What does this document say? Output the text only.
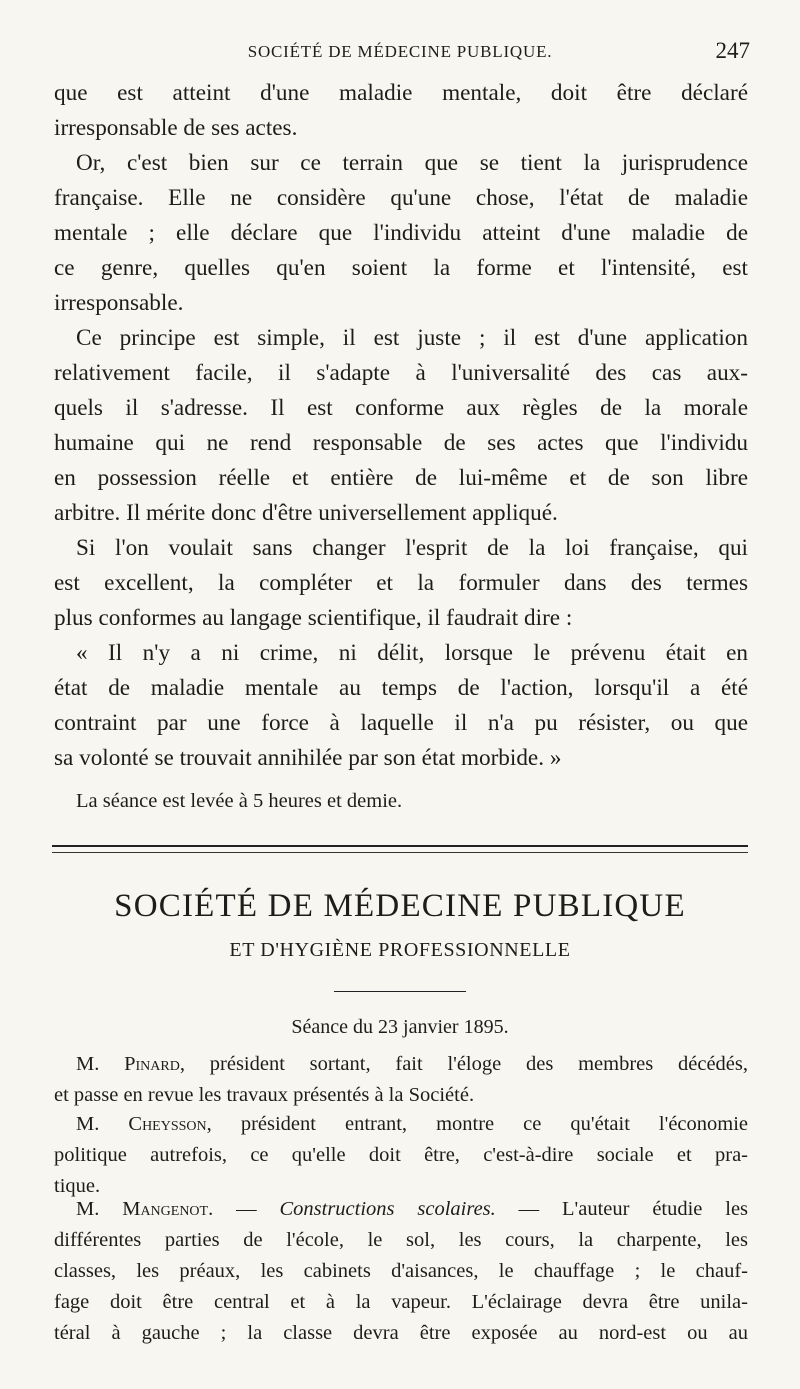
SOCIÉTÉ DE MÉDECINE PUBLIQUE.	247
que est atteint d'une maladie mentale, doit être déclaré
irresponsable de ses actes.
Or, c'est bien sur ce terrain que se tient la jurisprudence
française. Elle ne considère qu'une chose, l'état de maladie
mentale ; elle déclare que l'individu atteint d'une maladie de
ce genre, quelles qu'en soient la forme et l'intensité, est
irresponsable.
Ce principe est simple, il est juste ; il est d'une application
relativement facile, il s'adapte à l'universalité des cas aux-
quels il s'adresse. Il est conforme aux règles de la morale
humaine qui ne rend responsable de ses actes que l'individu
en possession réelle et entière de lui-même et de son libre
arbitre. Il mérite donc d'être universellement appliqué.
Si l'on voulait sans changer l'esprit de la loi française, qui
est excellent, la compléter et la formuler dans des termes
plus conformes au langage scientifique, il faudrait dire :
« Il n'y a ni crime, ni délit, lorsque le prévenu était en
état de maladie mentale au temps de l'action, lorsqu'il a été
contraint par une force à laquelle il n'a pu résister, ou que
sa volonté se trouvait annihilée par son état morbide. »
La séance est levée à 5 heures et demie.
SOCIÉTÉ DE MÉDECINE PUBLIQUE
ET D'HYGIÈNE PROFESSIONNELLE
Séance du 23 janvier 1895.
M. Pinard, président sortant, fait l'éloge des membres décédés,
et passe en revue les travaux présentés à la Société.
M. Cheysson, président entrant, montre ce qu'était l'économie
politique autrefois, ce qu'elle doit être, c'est-à-dire sociale et pra-
tique.
M. Mangenot. — Constructions scolaires. — L'auteur étudie les
différentes parties de l'école, le sol, les cours, la charpente, les
classes, les préaux, les cabinets d'aisances, le chauffage ; le chauf-
fage doit être central et à la vapeur. L'éclairage devra être unila-
téral à gauche ; la classe devra être exposée au nord-est ou au
